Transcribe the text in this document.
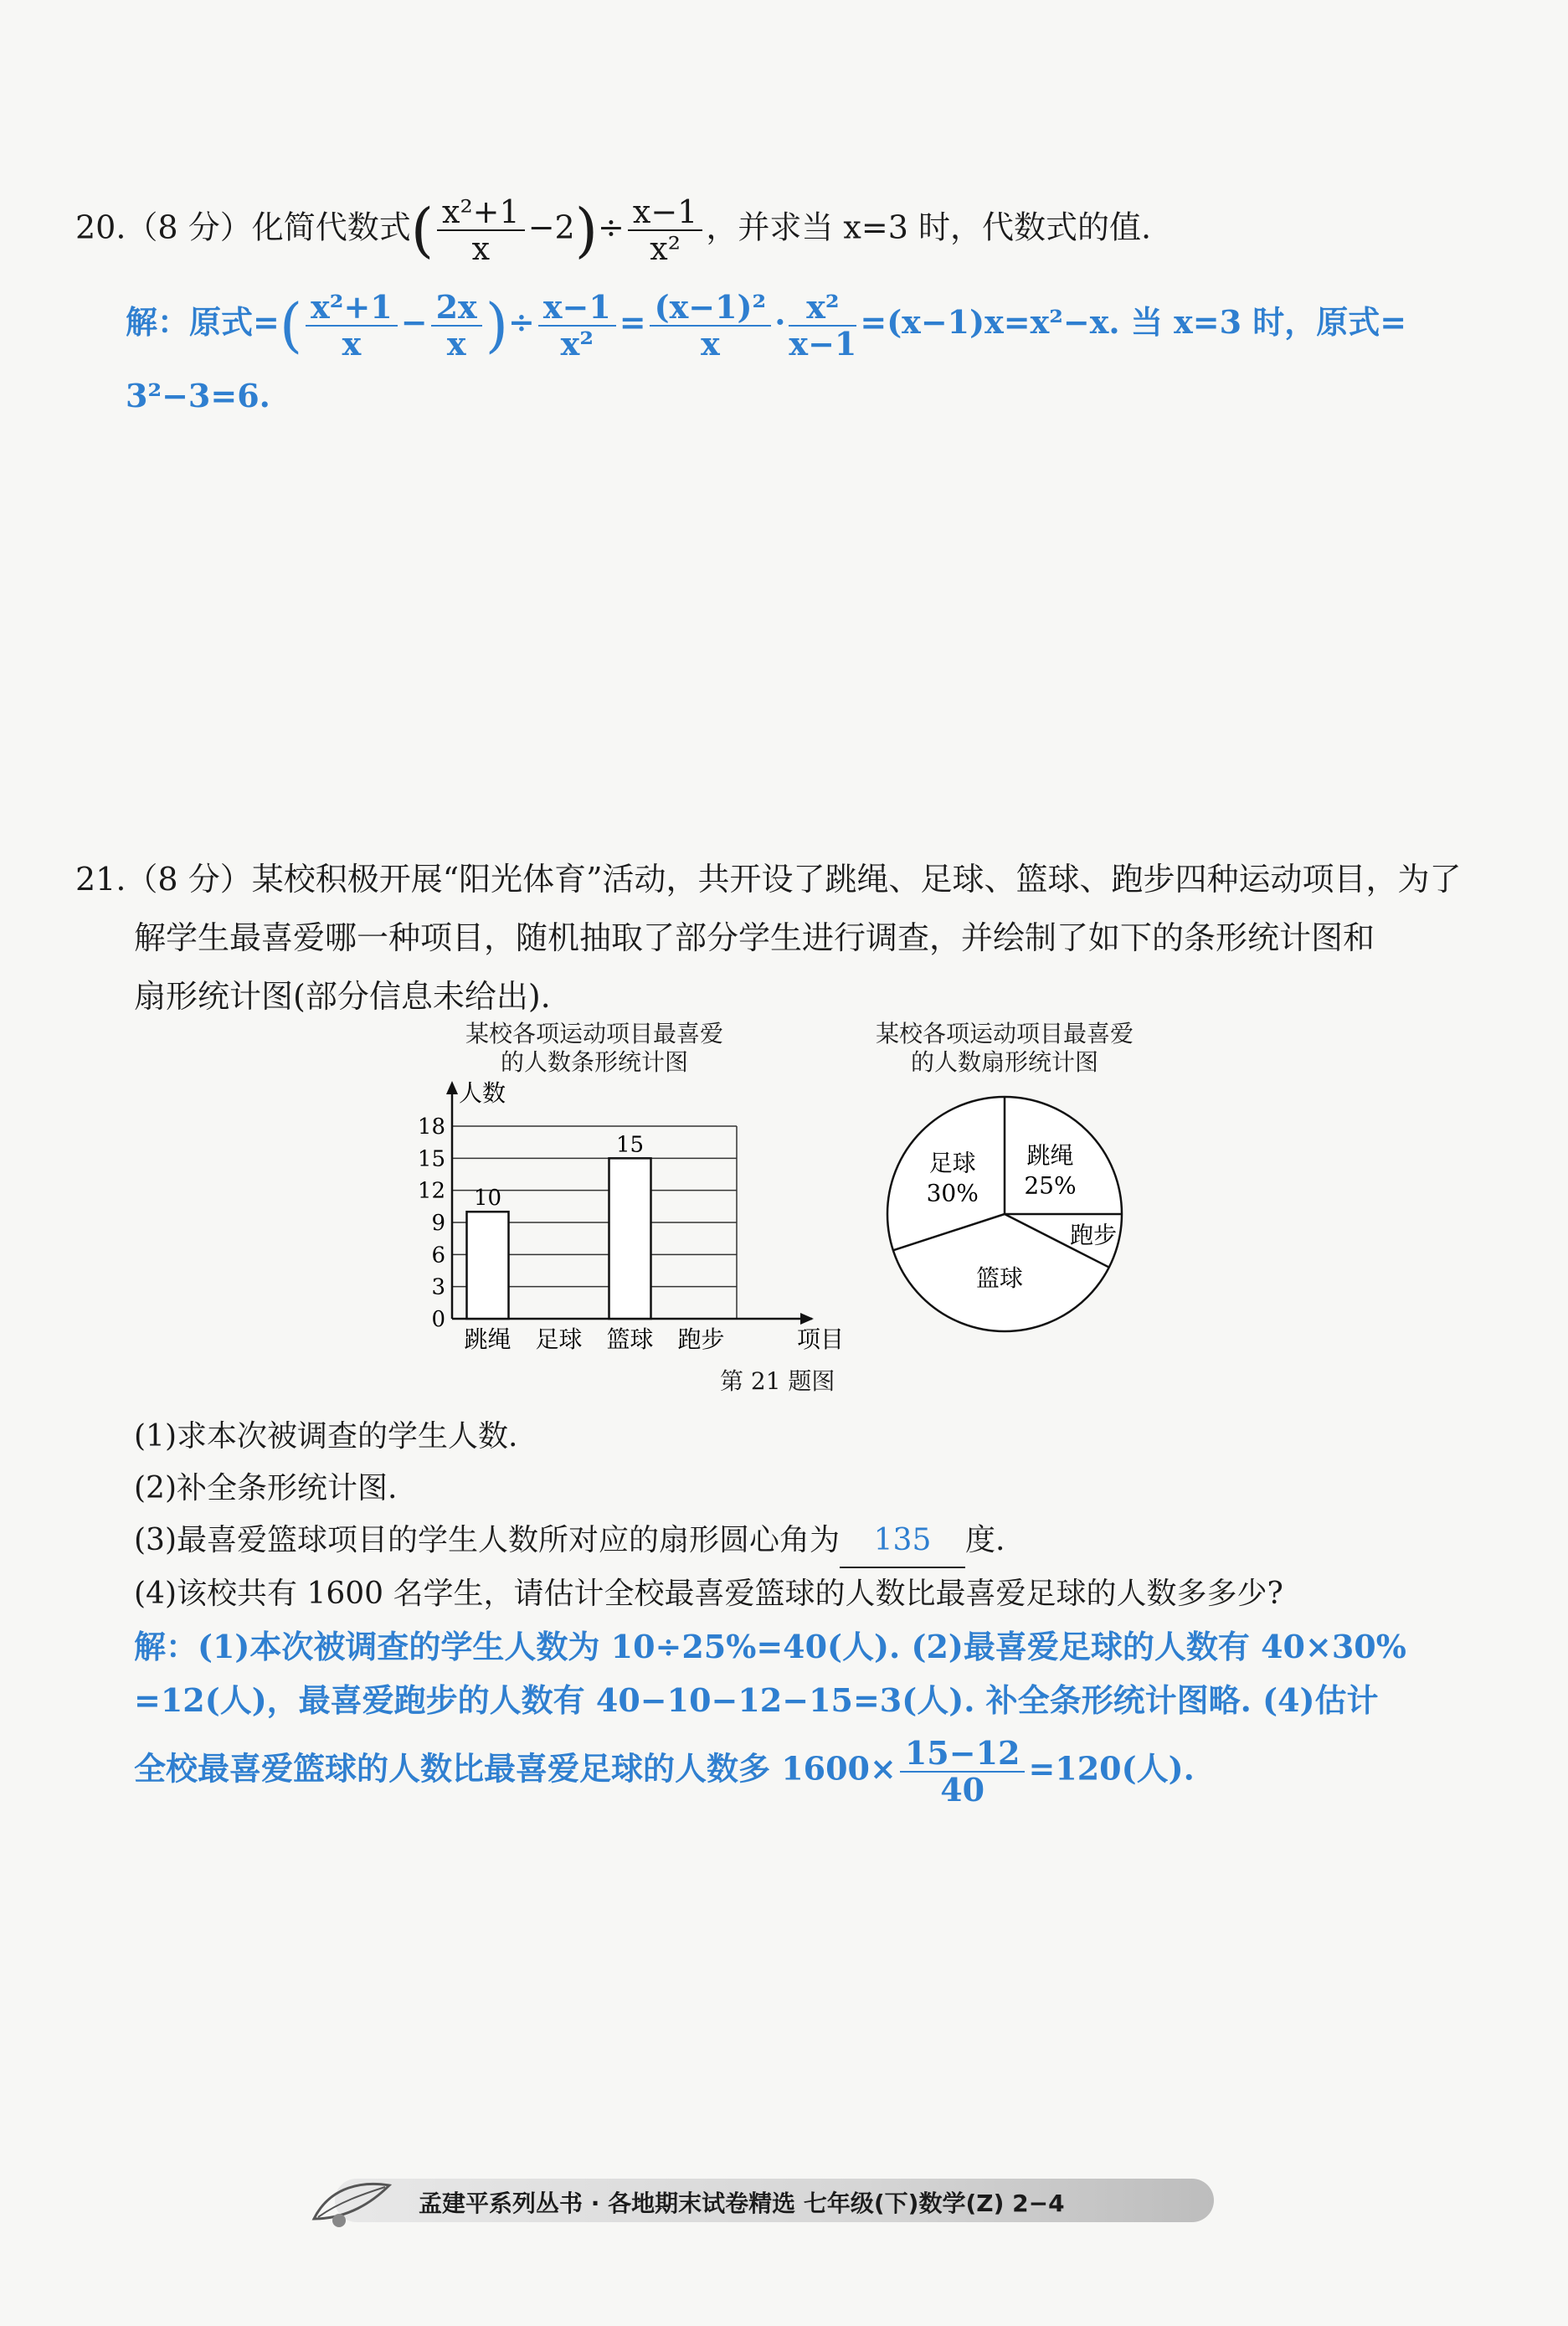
20.（8 分）化简代数式( $\frac{\text{x²+1}}{x} -2)\div \frac{x-1}{\text{x²}}$ ，并求当 x=3 时，代数式的值.
解：原式=( $\frac{\text{x²+1}}{x} - \frac{2x}{x}$ )÷ $\frac{x-1}{\text{x²}} = \frac{\text{(x−1)²}}{x} \cdot \frac{\text{x²}}{x-1} =(x-1)x=x^2-x$. 当 x=3 时，原式=
3²−3=6.
21.（8 分）某校积极开展“阳光体育”活动，共开设了跳绳、足球、篮球、跑步四种运动项目，为了
解学生最喜爱哪一种项目，随机抽取了部分学生进行调查，并绘制了如下的条形统计图和
扇形统计图(部分信息未给出).
某校各项运动项目最喜爱
的人数条形统计图
0
3
6
9
12
15
18
人数
项目
跳绳
10
足球 篮球
15
跑步
某校各项运动项目最喜爱
的人数扇形统计图
跳绳
25%
跑步
篮球
足球
30%
第 21 题图
(1)求本次被调查的学生人数.
(2)补全条形统计图.
(3)最喜爱篮球项目的学生人数所对应的扇形圆心角为 135 度.
(4)该校共有 1600 名学生，请估计全校最喜爱篮球的人数比最喜爱足球的人数多多少?
解：(1)本次被调查的学生人数为 10÷25%=40(人). (2)最喜爱足球的人数有 40×30%
=12(人)，最喜爱跑步的人数有 40−10−12−15=3(人). 补全条形统计图略. (4)估计
全校最喜爱篮球的人数比最喜爱足球的人数多 $1600\times \frac{15-12}{40} =120$(人).
孟建平系列丛书 · 各地期末试卷精选 七年级(下)数学(Z) 2−4
